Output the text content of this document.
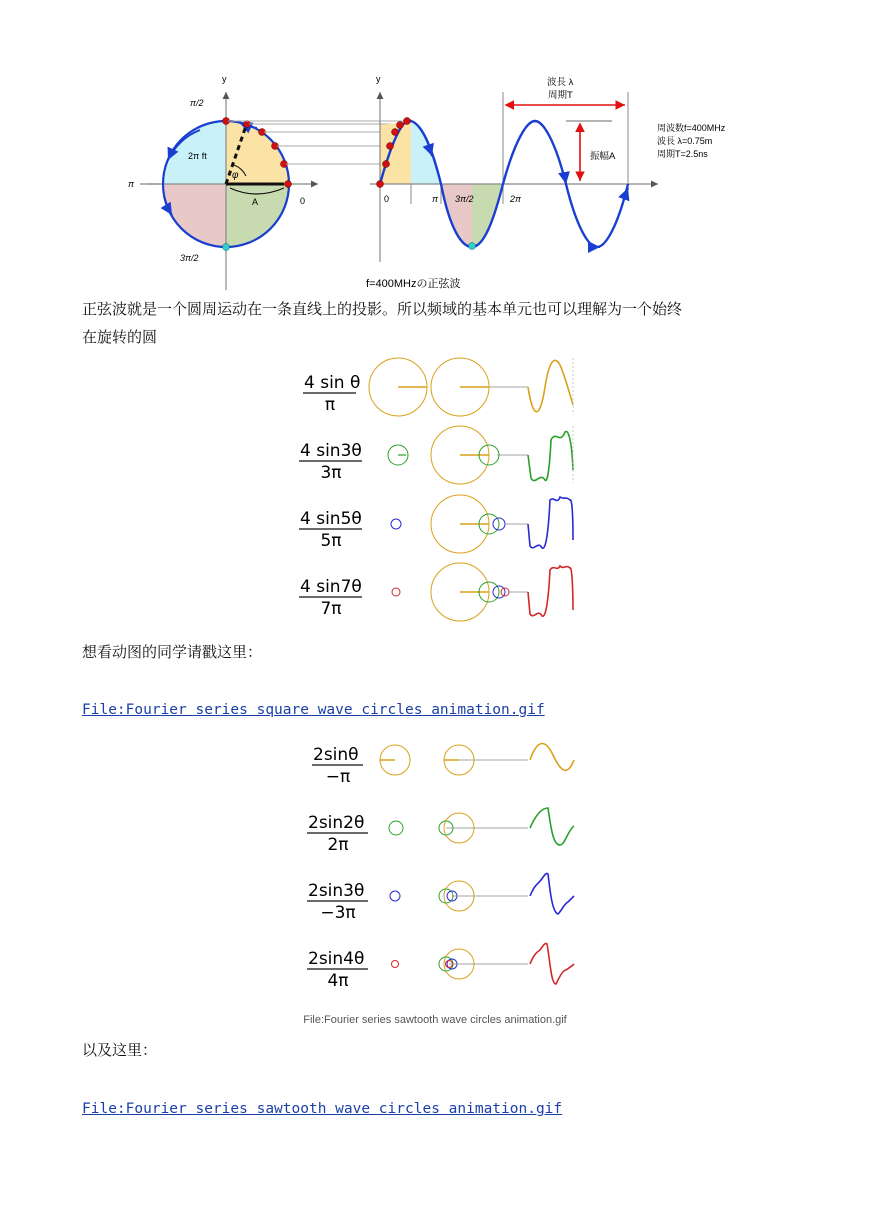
y	y
π/2
π
3π/2
0	0
2π ft
φ
A	π 3π/2	2π
波長 λ
周期T
振幅A
周波数f=400MHz
波長 λ=0.75m
周期T=2.5ns
f=400MHzの正弦波
正弦波就是一个圆周运动在一条直线上的投影。所以频域的基本单元也可以理解为一个始终
在旋转的圆
4 sin θ
π
4 sin3θ
3π
4 sin5θ
5π
4 sin7θ
7π
想看动图的同学请戳这里：
File:Fourier series square wave circles animation.gif
2sinθ
−π
2sin2θ
2π
2sin3θ
−3π
2sin4θ
4π
File:Fourier series sawtooth wave circles animation.gif
以及这里：
File:Fourier series sawtooth wave circles animation.gif
